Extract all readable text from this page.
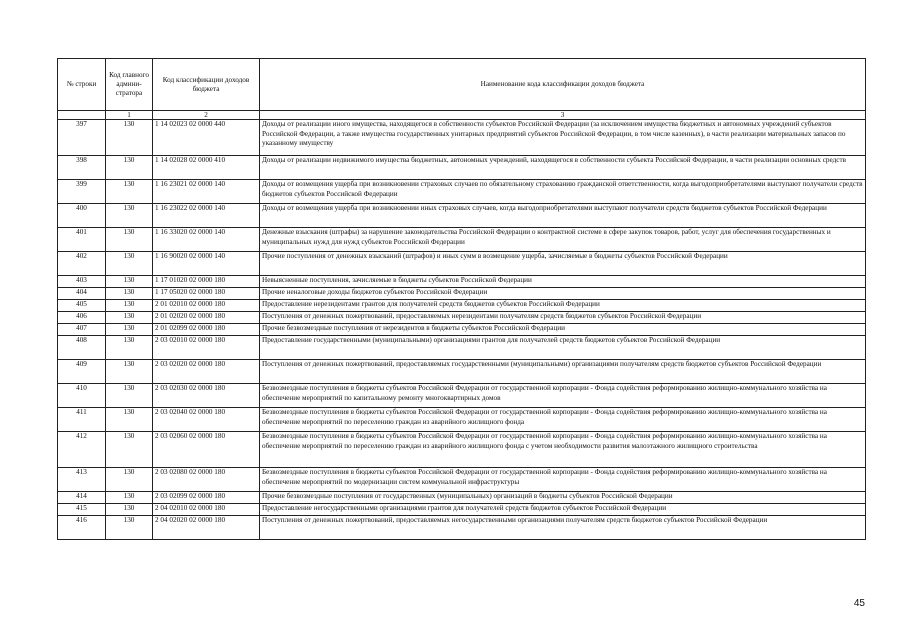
№ строки	Код главного админи-стратора	Код классификации доходов бюджета	Наименование кода классификации доходов бюджета
	1	2	3
397	130	1 14 02023 02 0000 440	Доходы от реализации иного имущества, находящегося в собственности субъектов Российской Федерации (за исключением имущества бюджетных и автономных учреждений субъектов Российской Федерации, а также имущества государственных унитарных предприятий субъектов Российской Федерации, в том числе казенных), в части реализации материальных запасов по указанному имуществу
398	130	1 14 02028 02 0000 410	Доходы от реализации недвижимого имущества бюджетных, автономных учреждений, находящегося в собственности субъекта Российской Федерации, в части реализации основных средств
399	130	1 16 23021 02 0000 140	Доходы от возмещения ущерба при возникновении страховых случаев по обязательному страхованию гражданской ответственности, когда выгодоприобретателями выступают получатели средств бюджетов субъектов Российской Федерации
400	130	1 16 23022 02 0000 140	Доходы от возмещения ущерба при возникновении иных страховых случаев, когда выгодоприобретателями выступают получатели средств бюджетов субъектов Российской Федерации
401	130	1 16 33020 02 0000 140	Денежные взыскания (штрафы) за нарушение законодательства Российской Федерации о контрактной системе в сфере закупок товаров, работ, услуг для обеспечения государственных и муниципальных нужд для нужд субъектов Российской Федерации
402	130	1 16 90020 02 0000 140	Прочие поступления от денежных взысканий (штрафов) и иных сумм в возмещение ущерба, зачисляемые в бюджеты субъектов Российской Федерации
403	130	1 17 01020 02 0000 180	Невыясненные поступления, зачисляемые в бюджеты субъектов Российской Федерации
404	130	1 17 05020 02 0000 180	Прочие неналоговые доходы бюджетов субъектов Российской Федерации
405	130	2 01 02010 02 0000 180	Предоставление нерезидентами грантов для получателей средств бюджетов субъектов Российской Федерации
406	130	2 01 02020 02 0000 180	Поступления от денежных пожертвований, предоставляемых нерезидентами получателям средств бюджетов субъектов Российской Федерации
407	130	2 01 02099 02 0000 180	Прочие безвозмездные поступления от нерезидентов в бюджеты субъектов Российской Федерации
408	130	2 03 02010 02 0000 180	Предоставление государственными (муниципальными) организациями грантов для получателей средств бюджетов субъектов Российской Федерации
409	130	2 03 02020 02 0000 180	Поступления от денежных пожертвований, предоставляемых государственными (муниципальными) организациями получателям средств бюджетов субъектов Российской Федерации
410	130	2 03 02030 02 0000 180	Безвозмездные поступления в бюджеты субъектов Российской Федерации от государственной корпорации - Фонда содействия реформированию жилищно-коммунального хозяйства на обеспечение мероприятий по капитальному ремонту многоквартирных домов
411	130	2 03 02040 02 0000 180	Безвозмездные поступления в бюджеты субъектов Российской Федерации от государственной корпорации - Фонда содействия реформированию жилищно-коммунального хозяйства на обеспечение мероприятий по переселению граждан из аварийного жилищного фонда
412	130	2 03 02060 02 0000 180	Безвозмездные поступления в бюджеты субъектов Российской Федерации от государственной корпорации - Фонда содействия реформированию жилищно-коммунального хозяйства на обеспечение мероприятий по переселению граждан из аварийного жилищного фонда с учетом необходимости развития малоэтажного жилищного строительства
413	130	2 03 02080 02 0000 180	Безвозмездные поступления в бюджеты субъектов Российской Федерации от государственной корпорации - Фонда содействия реформированию жилищно-коммунального хозяйства на обеспечение мероприятий по модернизации систем коммунальной инфраструктуры
414	130	2 03 02099 02 0000 180	Прочие безвозмездные поступления от государственных (муниципальных) организаций в бюджеты субъектов Российской Федерации
415	130	2 04 02010 02 0000 180	Предоставление негосударственными организациями грантов для получателей средств бюджетов субъектов Российской Федерации
416	130	2 04 02020 02 0000 180	Поступления от денежных пожертвований, предоставляемых негосударственными организациями получателям средств бюджетов субъектов Российской Федерации
45
